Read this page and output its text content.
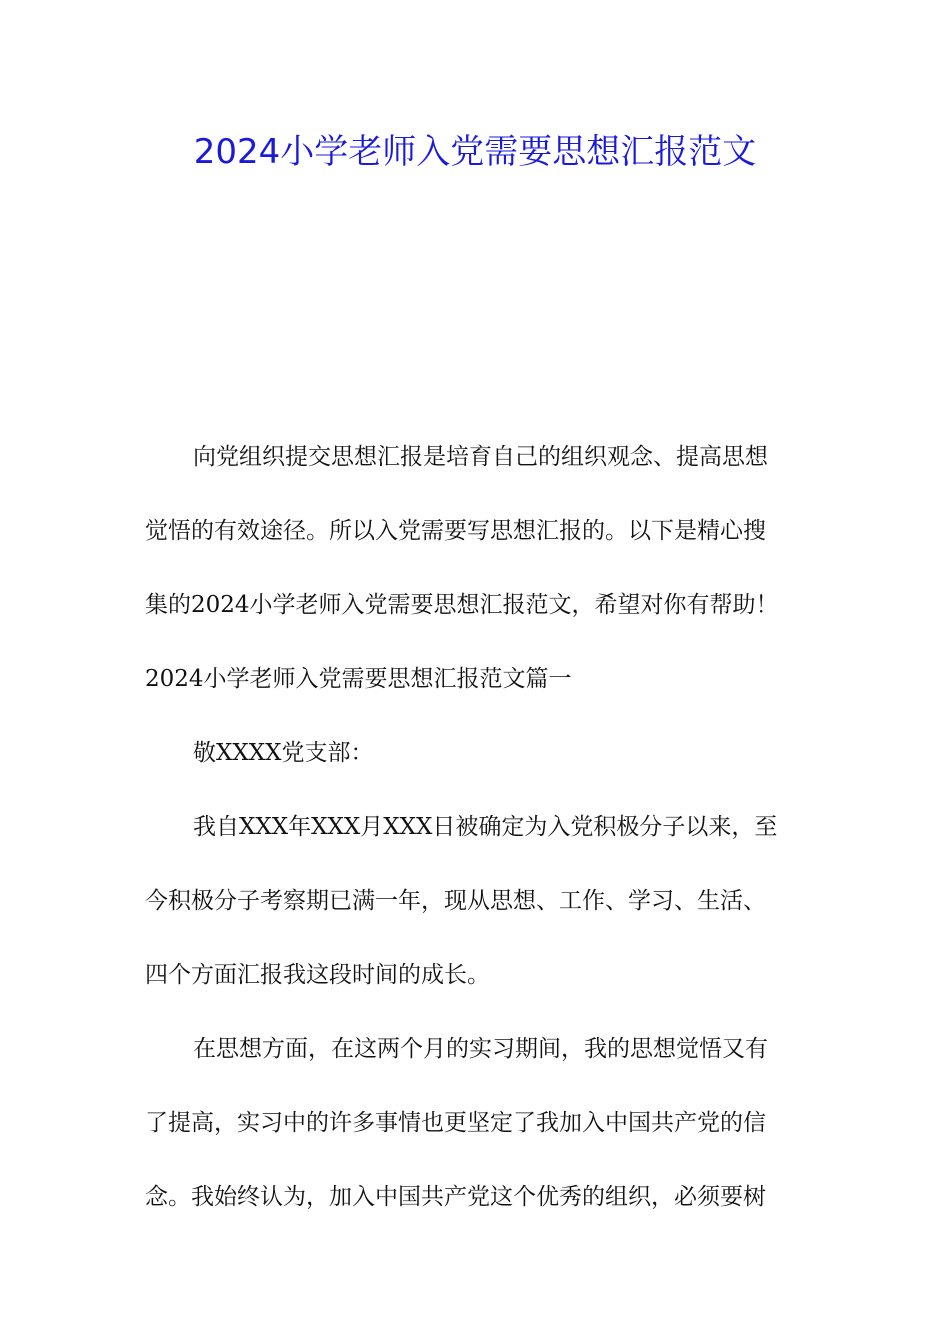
2024小学老师入党需要思想汇报范文
向党组织提交思想汇报是培育自己的组织观念、提高思想
觉悟的有效途径。所以入党需要写思想汇报的。以下是精心搜
集的2024小学老师入党需要思想汇报范文，希望对你有帮助！
2024小学老师入党需要思想汇报范文篇一
敬XXXX党支部：
我自XXX年XXX月XXX日被确定为入党积极分子以来，至
今积极分子考察期已满一年，现从思想、工作、学习、生活、
四个方面汇报我这段时间的成长。
在思想方面，在这两个月的实习期间，我的思想觉悟又有
了提高，实习中的许多事情也更坚定了我加入中国共产党的信
念。我始终认为，加入中国共产党这个优秀的组织，必须要树
